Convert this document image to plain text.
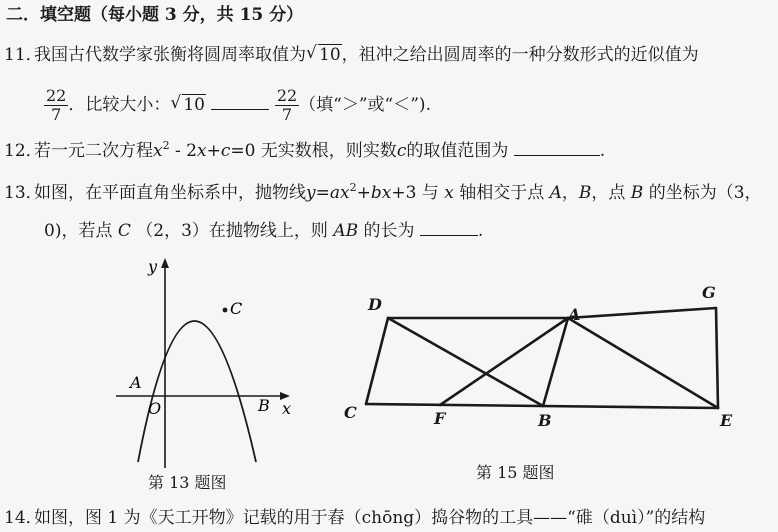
二．填空题（每小题 3 分，共 15 分）
11．我国古代数学家张衡将圆周率取值为 √ 10，祖冲之给出圆周率的一种分数形式的近似值为
$\frac{22}{7}$ ．比较大小： √ 10	$\frac{22}{7}$ （填“＞”或“＜”).
12．若一元二次方程$x^2 - 2x+c=0$ 无实数根，则实数c的取值范围为	.
13．如图，在平面直角坐标系中，抛物线$y=ax^2+bx+3$ 与 x 轴相交于点 A，B，点 B 的坐标为（3，
0)，若点 C （2，3）在抛物线上，则 AB 的长为	.
y
x
A
O	B
C
第 13 题图
D
A
G
C	F	B	E
第 15 题图
14．如图，图 1 为《天工开物》记载的用于舂（chōng）捣谷物的工具——“碓（duì）”的结构
